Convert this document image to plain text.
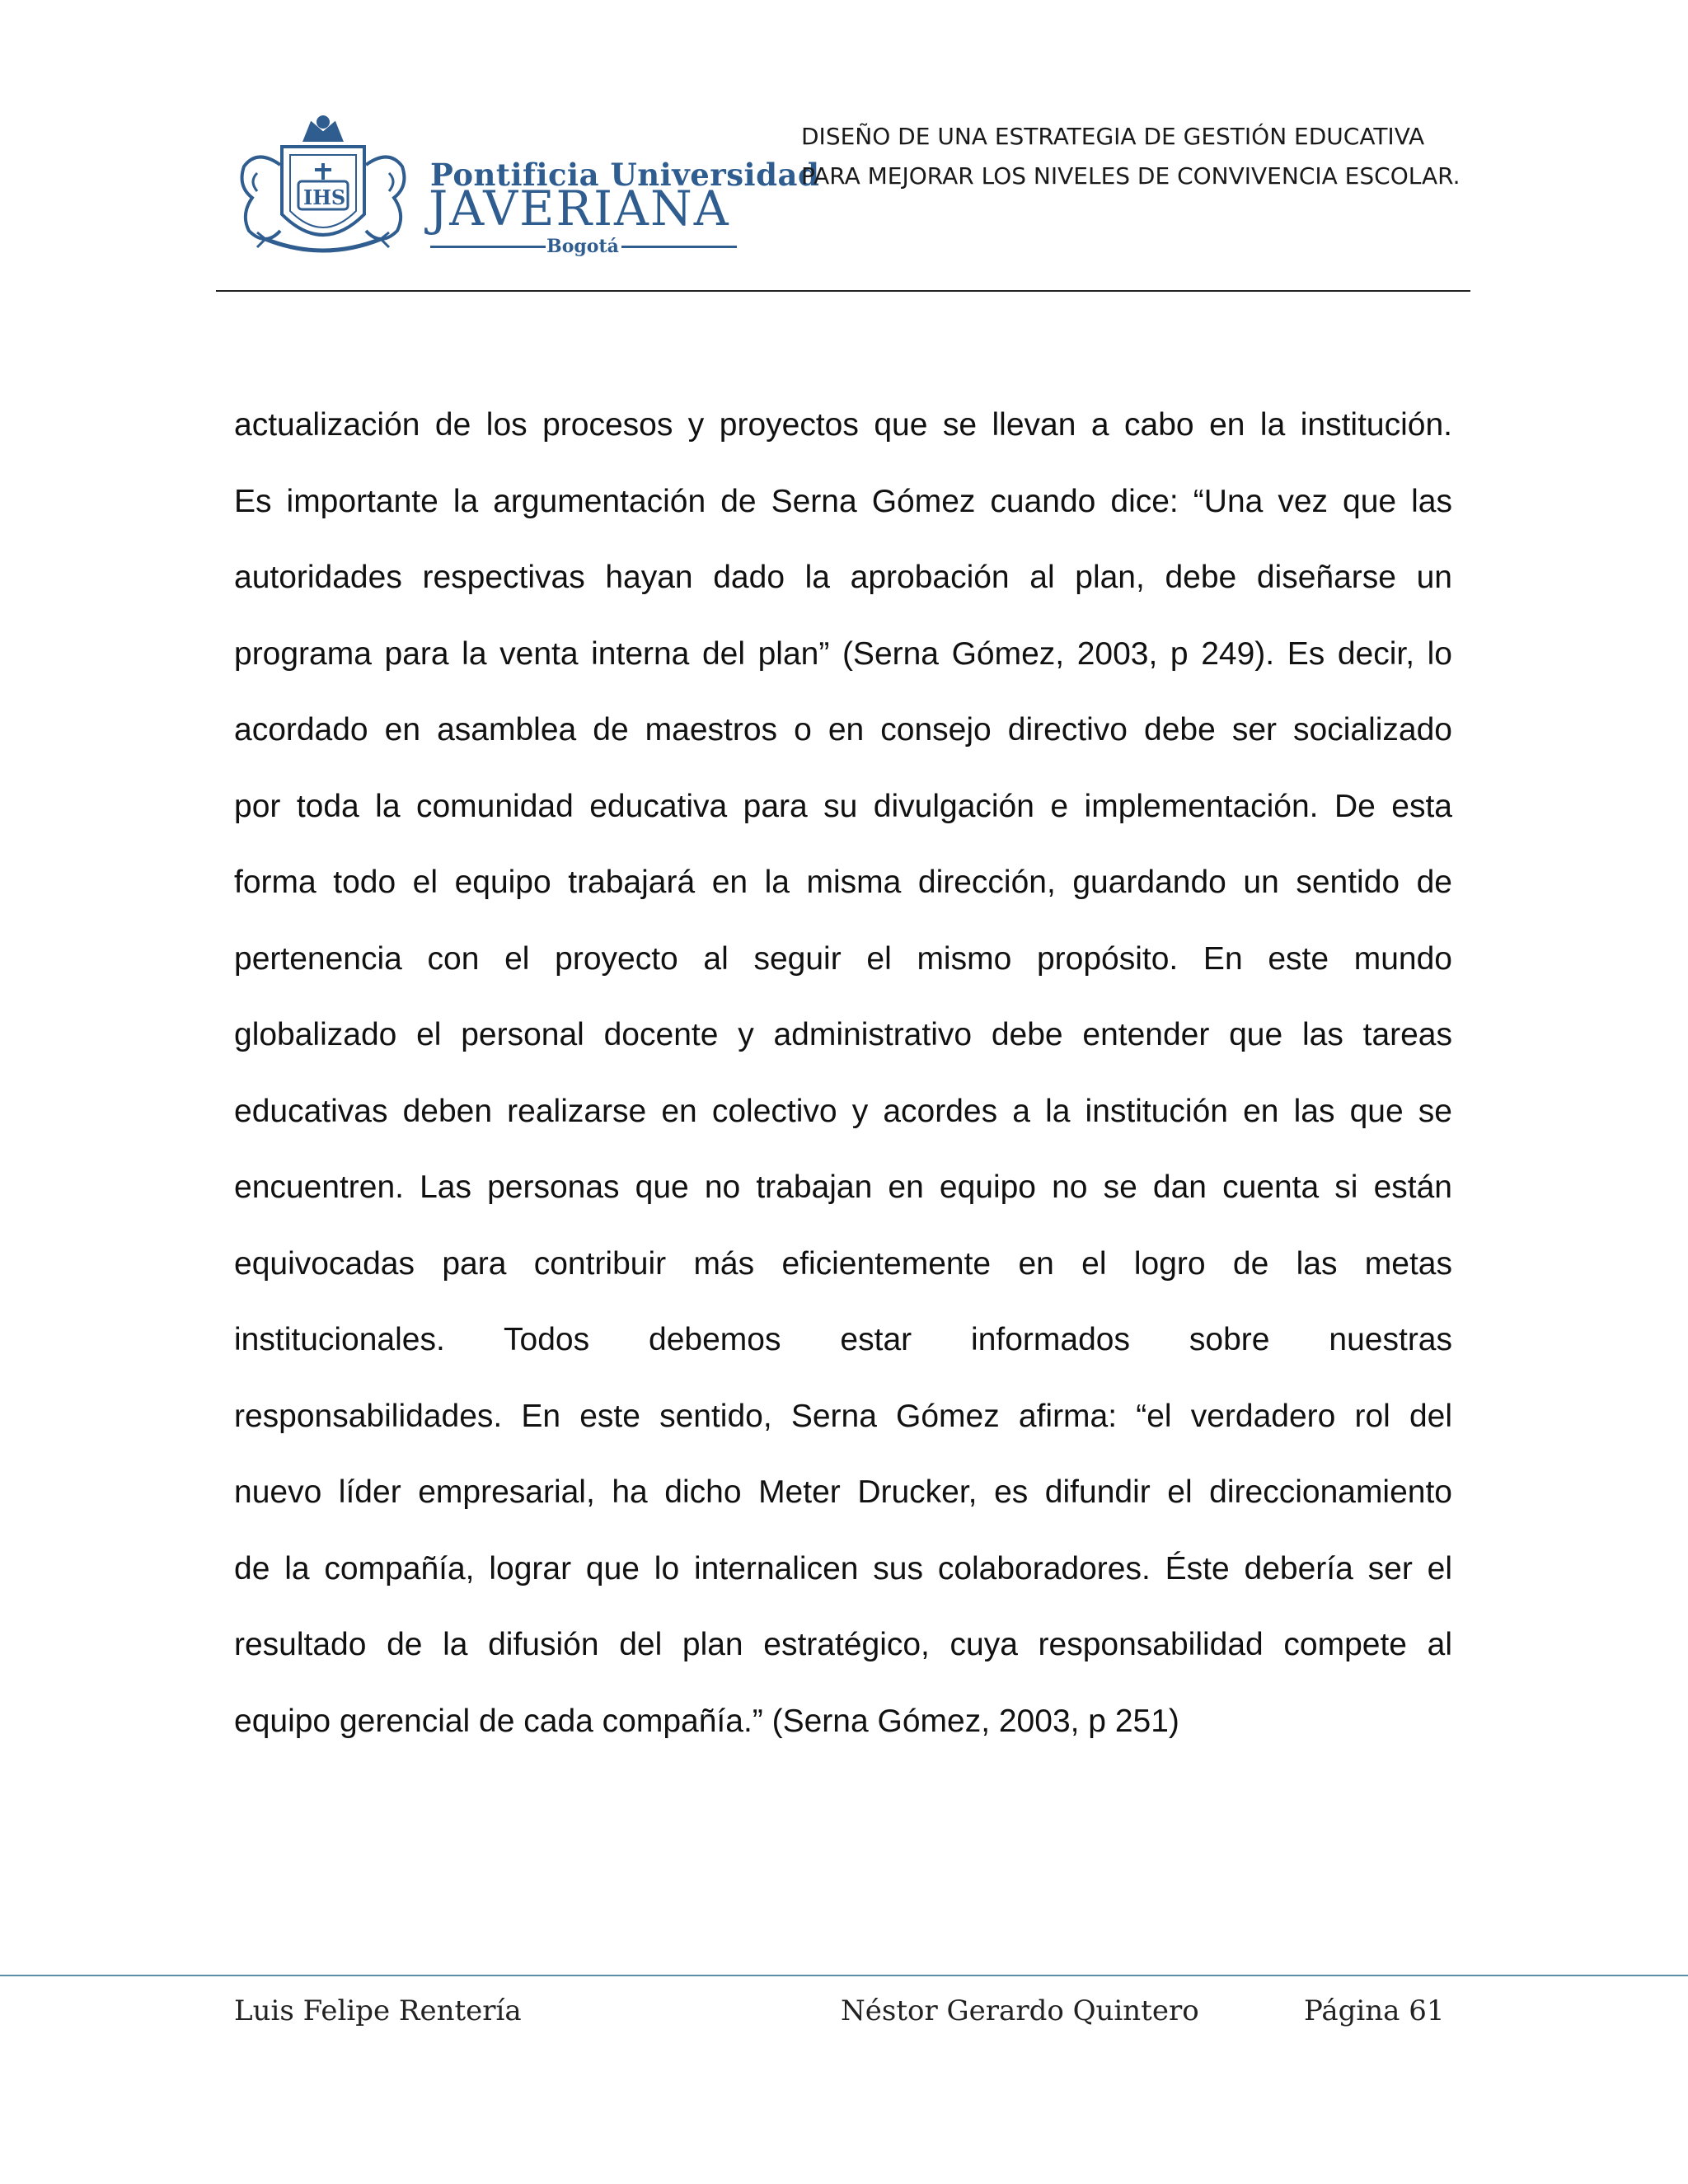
IHS
Pontificia Universidad
JAVERIANA
Bogotá
DISEÑO DE UNA ESTRATEGIA DE GESTIÓN EDUCATIVA
PARA MEJORAR LOS NIVELES DE CONVIVENCIA ESCOLAR.
actualización de los procesos y proyectos que se llevan a cabo en la institución.
Es importante la argumentación de Serna Gómez cuando dice: “Una vez que las
autoridades respectivas hayan dado la aprobación al plan, debe diseñarse un
programa para la venta interna del plan” (Serna Gómez, 2003, p 249). Es decir, lo
acordado en asamblea de maestros o en consejo directivo debe ser socializado
por toda la comunidad educativa para su divulgación e implementación. De esta
forma todo el equipo trabajará en la misma dirección, guardando un sentido de
pertenencia con el proyecto al seguir el mismo propósito. En este mundo
globalizado el personal docente y administrativo debe entender que las tareas
educativas deben realizarse en colectivo y acordes a la institución en las que se
encuentren. Las personas que no trabajan en equipo no se dan cuenta si están
equivocadas para contribuir más eficientemente en el logro de las metas
institucionales. Todos debemos estar informados sobre nuestras
responsabilidades. En este sentido, Serna Gómez afirma: “el verdadero rol del
nuevo líder empresarial, ha dicho Meter Drucker, es difundir el direccionamiento
de la compañía, lograr que lo internalicen sus colaboradores. Éste debería ser el
resultado de la difusión del plan estratégico, cuya responsabilidad compete al
equipo gerencial de cada compañía.” (Serna Gómez, 2003, p 251)
Luis Felipe Rentería	Néstor Gerardo Quintero	Página 61
